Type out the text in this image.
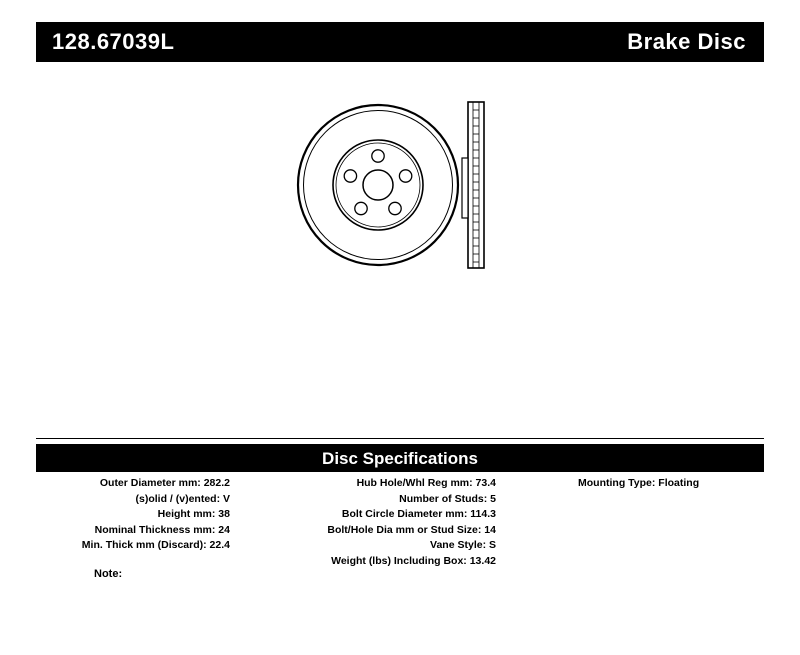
128.67039L	Brake Disc
Disc Specifications
Outer Diameter mm: 282.2
(s)olid / (v)ented: V
Height mm: 38
Nominal Thickness mm: 24
Min. Thick mm (Discard): 22.4
Hub Hole/Whl Reg mm: 73.4
Number of Studs: 5
Bolt Circle Diameter mm: 114.3
Bolt/Hole Dia mm or Stud Size: 14
Vane Style: S
Weight (lbs) Including Box: 13.42
Mounting Type: Floating
Note:
